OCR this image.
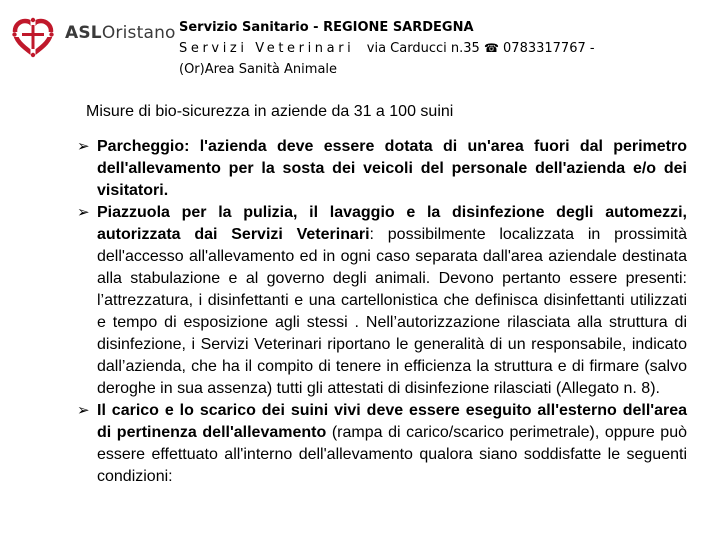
ASLOristano Servizio Sanitario - REGIONE SARDEGNA
Servizi Veterinari via Carducci n.35 ☎ 0783317767 -
(Or)Area Sanità Animale
Misure di bio-sicurezza in aziende da 31 a 100 suini
➢ Parcheggio: l'azienda deve essere dotata di un'area fuori dal perimetro dell'allevamento per la sosta dei veicoli del personale dell'azienda e/o dei visitatori.
➢ Piazzuola per la pulizia, il lavaggio e la disinfezione degli automezzi, autorizzata dai Servizi Veterinari: possibilmente localizzata in prossimità dell'accesso all'allevamento ed in ogni caso separata dall'area aziendale destinata alla stabulazione e al governo degli animali. Devono pertanto essere presenti: l’attrezzatura, i disinfettanti e una cartellonistica che definisca disinfettanti utilizzati e tempo di esposizione agli stessi . Nell’autorizzazione rilasciata alla struttura di disinfezione, i Servizi Veterinari riportano le generalità di un responsabile, indicato dall’azienda, che ha il compito di tenere in efficienza la struttura e di firmare (salvo deroghe in sua assenza) tutti gli attestati di disinfezione rilasciati (Allegato n. 8).
➢ Il carico e lo scarico dei suini vivi deve essere eseguito all'esterno dell'area di pertinenza dell'allevamento (rampa di carico/scarico perimetrale), oppure può essere effettuato all'interno dell'allevamento qualora siano soddisfatte le seguenti condizioni:
